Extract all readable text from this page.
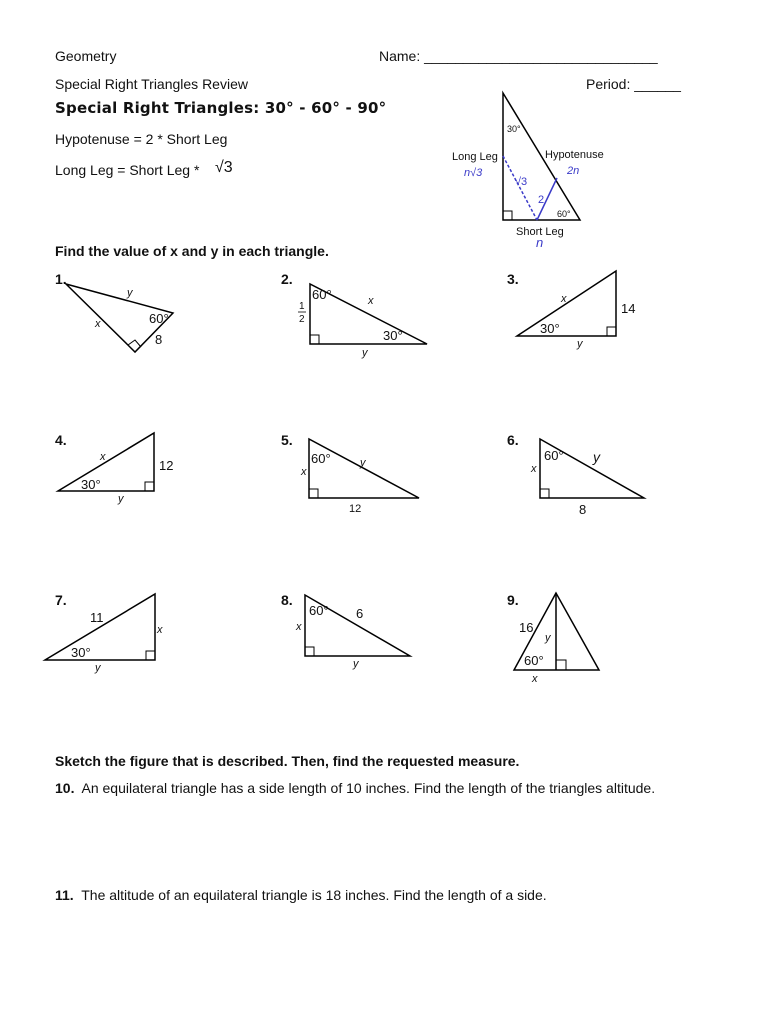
Geometry	Name: ______________________________
Special Right Triangles Review	Period: ______
Special Right Triangles: 30° - 60° - 90°
Hypotenuse = 2 * Short Leg
Long Leg = Short Leg * √3
30°
60°
Long Leg
n√3
Hypotenuse
2n
√3
2
Short Leg
n
Find the value of x and y in each triangle.
1.	2.	3.
4.	5.	6.
7.	8.	9.
y
x	60°
8
1
2
60°	x
30°
y
x
14
30°
y
x
12
30°
y
60°
x
y
12
60° y
x
8
11
x
30°
y
60° 6
x
y
16
y
60°
x
Sketch the figure that is described. Then, find the requested measure.
10. An equilateral triangle has a side length of 10 inches. Find the length of the triangles altitude.
11. The altitude of an equilateral triangle is 18 inches. Find the length of a side.
